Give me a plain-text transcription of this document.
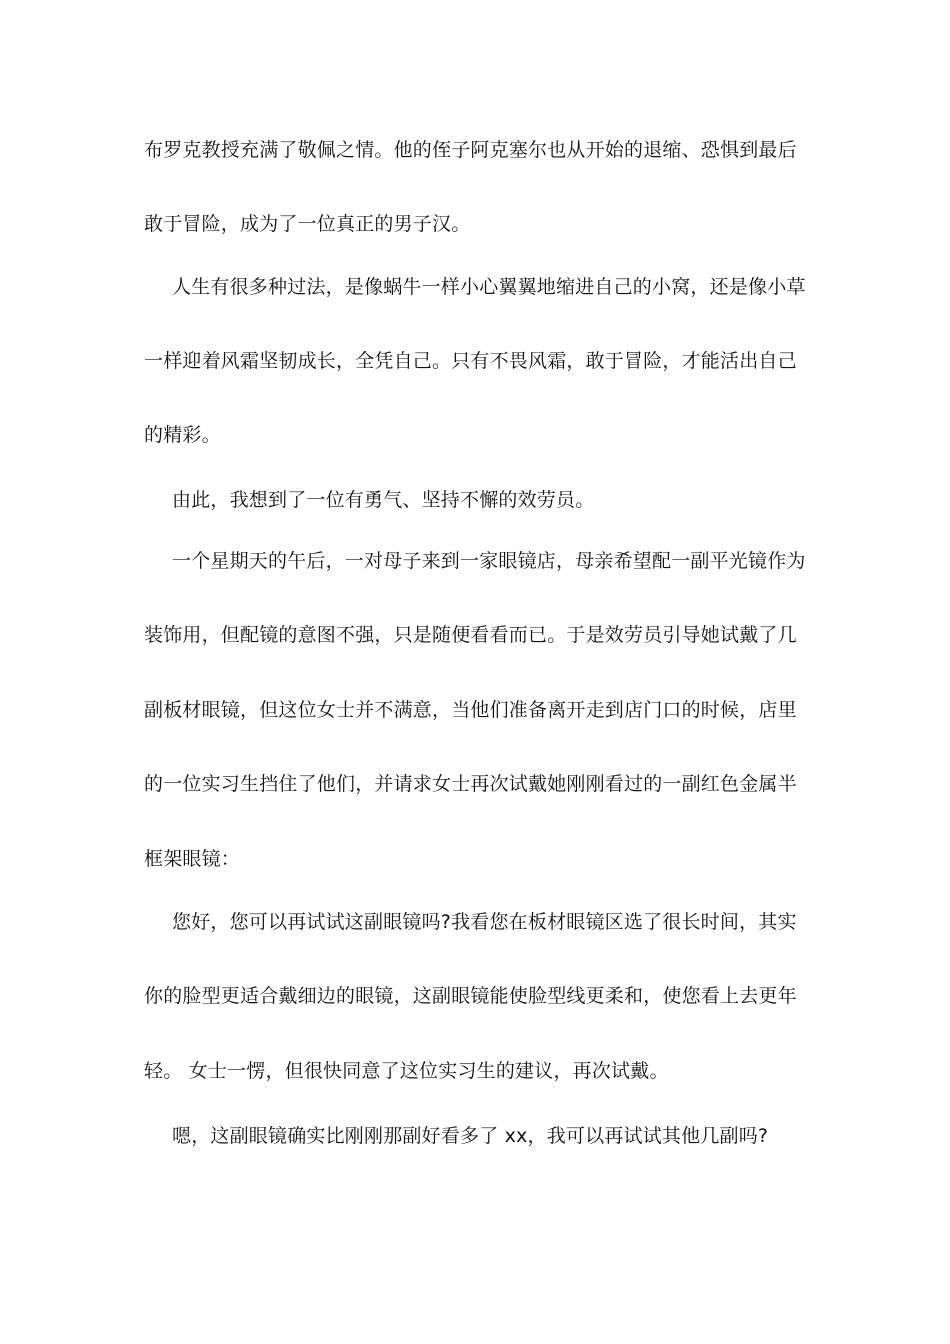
布罗克教授充满了敬佩之情。他的侄子阿克塞尔也从开始的退缩、恐惧到最后
敢于冒险，成为了一位真正的男子汉。
人生有很多种过法，是像蜗牛一样小心翼翼地缩进自己的小窝，还是像小草
一样迎着风霜坚韧成长，全凭自己。只有不畏风霜，敢于冒险，才能活出自己
的精彩。
由此，我想到了一位有勇气、坚持不懈的效劳员。
一个星期天的午后，一对母子来到一家眼镜店，母亲希望配一副平光镜作为
装饰用，但配镜的意图不强，只是随便看看而已。于是效劳员引导她试戴了几
副板材眼镜，但这位女士并不满意，当他们准备离开走到店门口的时候，店里
的一位实习生挡住了他们，并请求女士再次试戴她刚刚看过的一副红色金属半
框架眼镜：
您好，您可以再试试这副眼镜吗?我看您在板材眼镜区选了很长时间，其实
你的脸型更适合戴细边的眼镜，这副眼镜能使脸型线更柔和，使您看上去更年
轻。 女士一愣，但很快同意了这位实习生的建议，再次试戴。
嗯，这副眼镜确实比刚刚那副好看多了 xx，我可以再试试其他几副吗?
